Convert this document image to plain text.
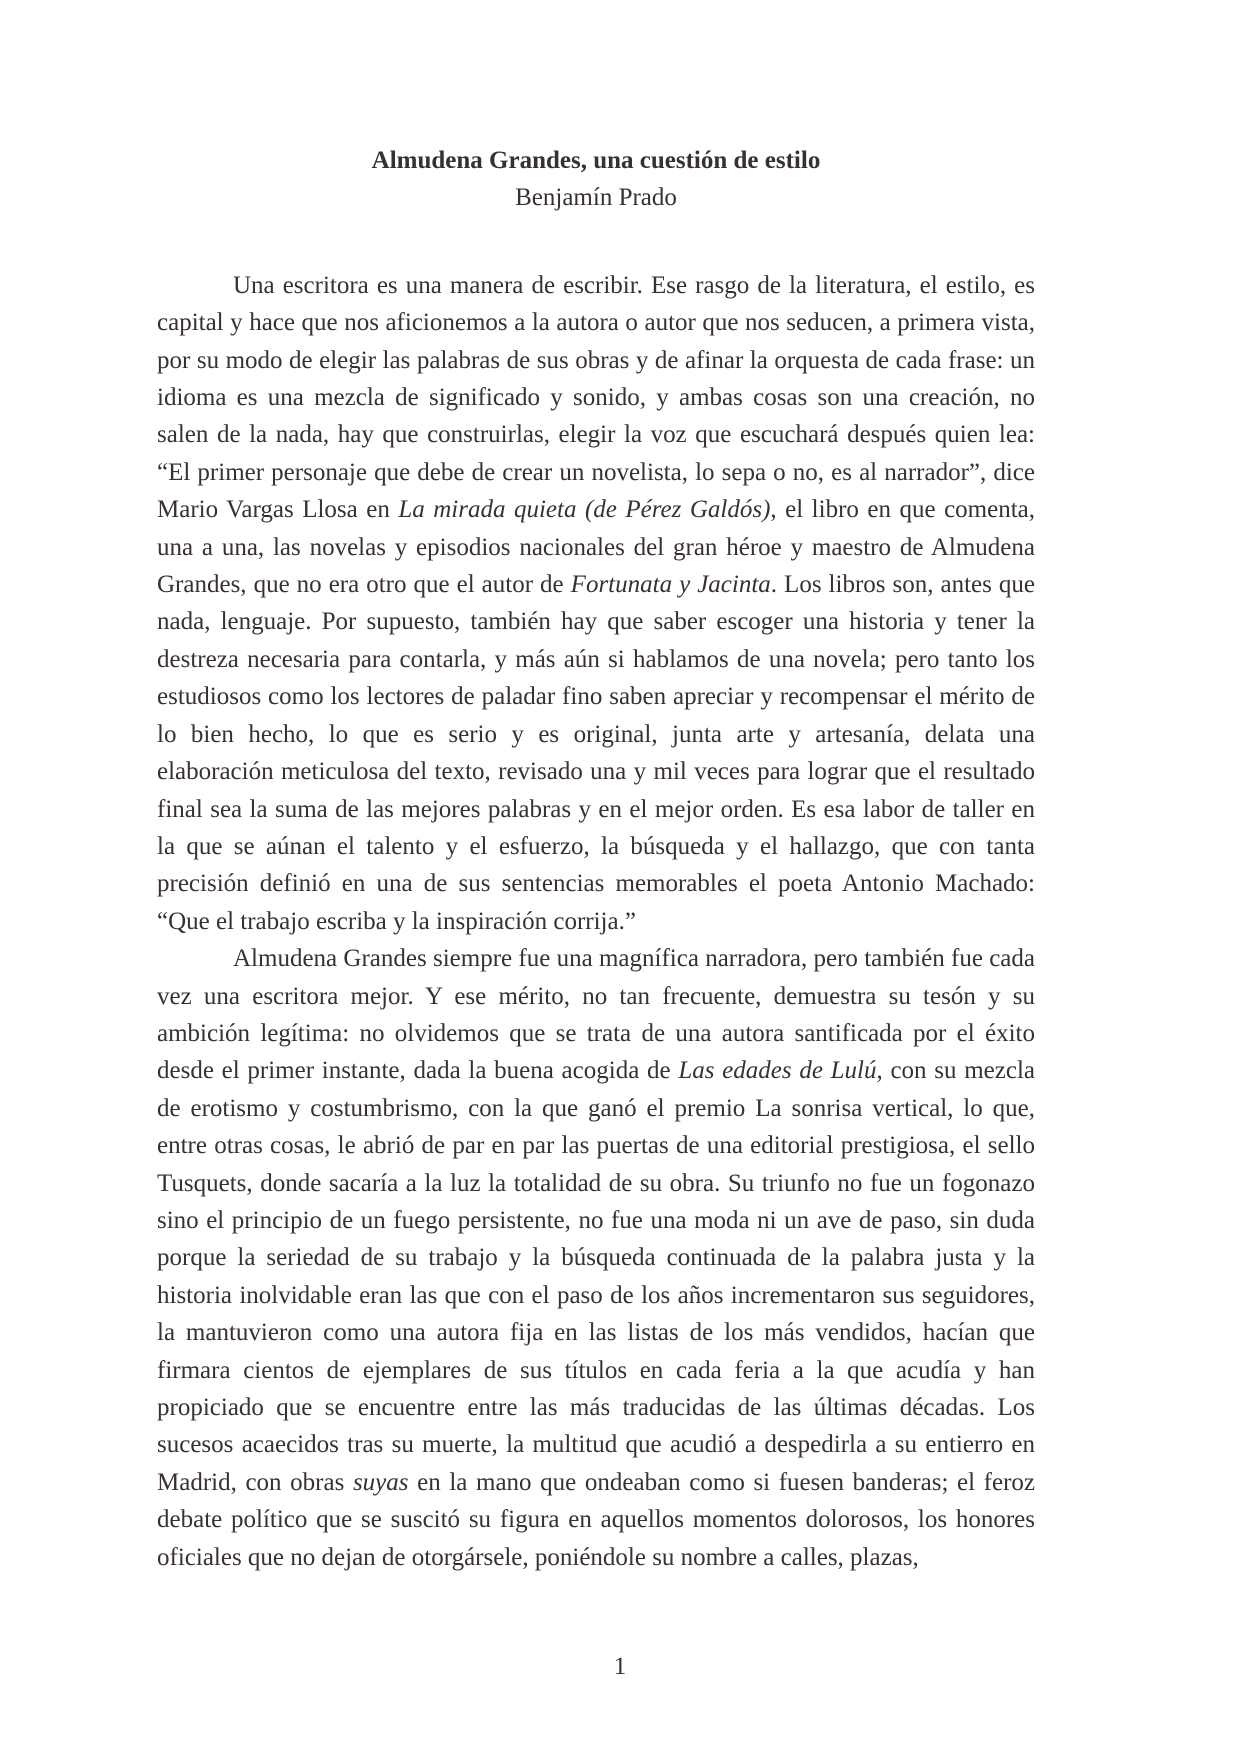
Almudena Grandes, una cuestión de estilo

Benjamín Prado

Una escritora es una manera de escribir. Ese rasgo de la literatura, el estilo, es capital y hace que nos aficionemos a la autora o autor que nos seducen, a primera vista, por su modo de elegir las palabras de sus obras y de afinar la orquesta de cada frase: un idioma es una mezcla de significado y sonido, y ambas cosas son una creación, no salen de la nada, hay que construirlas, elegir la voz que escuchará después quien lea: “El primer personaje que debe de crear un novelista, lo sepa o no, es al narrador”, dice Mario Vargas Llosa en La mirada quieta (de Pérez Galdós), el libro en que comenta, una a una, las novelas y episodios nacionales del gran héroe y maestro de Almudena Grandes, que no era otro que el autor de Fortunata y Jacinta. Los libros son, antes que nada, lenguaje. Por supuesto, también hay que saber escoger una historia y tener la destreza necesaria para contarla, y más aún si hablamos de una novela; pero tanto los estudiosos como los lectores de paladar fino saben apreciar y recompensar el mérito de lo bien hecho, lo que es serio y es original, junta arte y artesanía, delata una elaboración meticulosa del texto, revisado una y mil veces para lograr que el resultado final sea la suma de las mejores palabras y en el mejor orden. Es esa labor de taller en la que se aúnan el talento y el esfuerzo, la búsqueda y el hallazgo, que con tanta precisión definió en una de sus sentencias memorables el poeta Antonio Machado: “Que el trabajo escriba y la inspiración corrija.”

Almudena Grandes siempre fue una magnífica narradora, pero también fue cada vez una escritora mejor. Y ese mérito, no tan frecuente, demuestra su tesón y su ambición legítima: no olvidemos que se trata de una autora santificada por el éxito desde el primer instante, dada la buena acogida de Las edades de Lulú, con su mezcla de erotismo y costumbrismo, con la que ganó el premio La sonrisa vertical, lo que, entre otras cosas, le abrió de par en par las puertas de una editorial prestigiosa, el sello Tusquets, donde sacaría a la luz la totalidad de su obra. Su triunfo no fue un fogonazo sino el principio de un fuego persistente, no fue una moda ni un ave de paso, sin duda porque la seriedad de su trabajo y la búsqueda continuada de la palabra justa y la historia inolvidable eran las que con el paso de los años incrementaron sus seguidores, la mantuvieron como una autora fija en las listas de los más vendidos, hacían que firmara cientos de ejemplares de sus títulos en cada feria a la que acudía y han propiciado que se encuentre entre las más traducidas de las últimas décadas. Los sucesos acaecidos tras su muerte, la multitud que acudió a despedirla a su entierro en Madrid, con obras suyas en la mano que ondeaban como si fuesen banderas; el feroz debate político que se suscitó su figura en aquellos momentos dolorosos, los honores oficiales que no dejan de otorgársele, poniéndole su nombre a calles, plazas,

1
